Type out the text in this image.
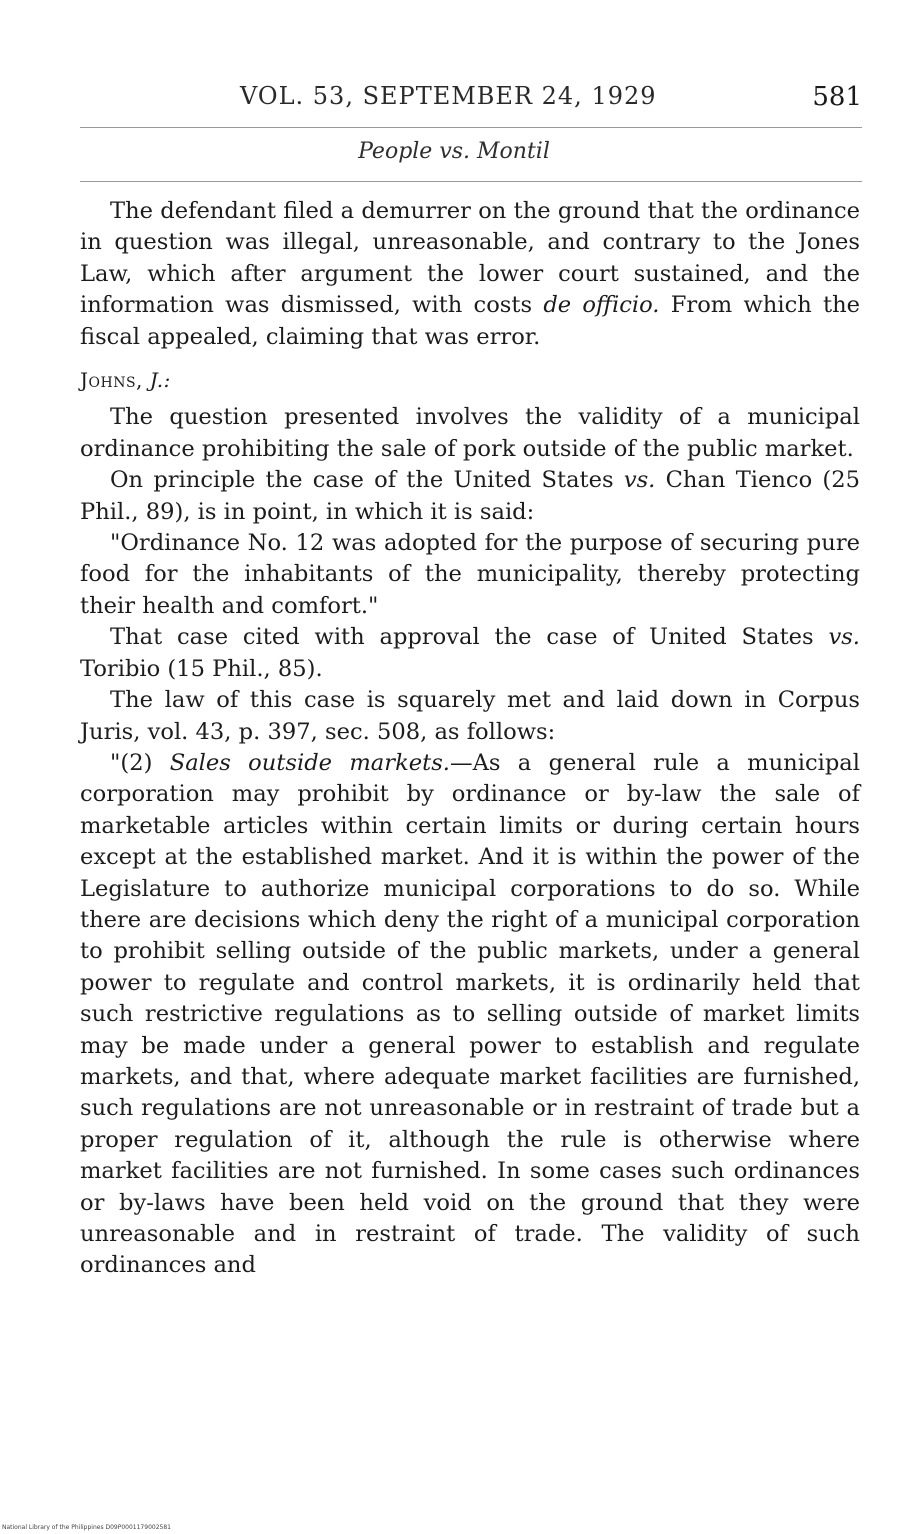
VOL. 53, SEPTEMBER 24, 1929	581
People vs. Montil

The defendant filed a demurrer on the ground that the ordinance in question was illegal, unreasonable, and contrary to the Jones Law, which after argument the lower court sustained, and the information was dismissed, with costs de officio. From which the fiscal appealed, claiming that was error.

Johns, J.:

The question presented involves the validity of a municipal ordinance prohibiting the sale of pork outside of the public market.

On principle the case of the United States vs. Chan Tienco (25 Phil., 89), is in point, in which it is said:

"Ordinance No. 12 was adopted for the purpose of securing pure food for the inhabitants of the municipality, thereby protecting their health and comfort."

That case cited with approval the case of United States vs. Toribio (15 Phil., 85).

The law of this case is squarely met and laid down in Corpus Juris, vol. 43, p. 397, sec. 508, as follows:

"(2) Sales outside markets.—As a general rule a municipal corporation may prohibit by ordinance or by-law the sale of marketable articles within certain limits or during certain hours except at the established market. And it is within the power of the Legislature to authorize municipal corporations to do so. While there are decisions which deny the right of a municipal corporation to prohibit selling outside of the public markets, under a general power to regulate and control markets, it is ordinarily held that such restrictive regulations as to selling outside of market limits may be made under a general power to establish and regulate markets, and that, where adequate market facilities are furnished, such regulations are not unreasonable or in restraint of trade but a proper regulation of it, although the rule is otherwise where market facilities are not furnished. In some cases such ordinances or by-laws have been held void on the ground that they were unreasonable and in restraint of trade. The validity of such ordinances and

National Library of the Philippines D09P0001179002581
